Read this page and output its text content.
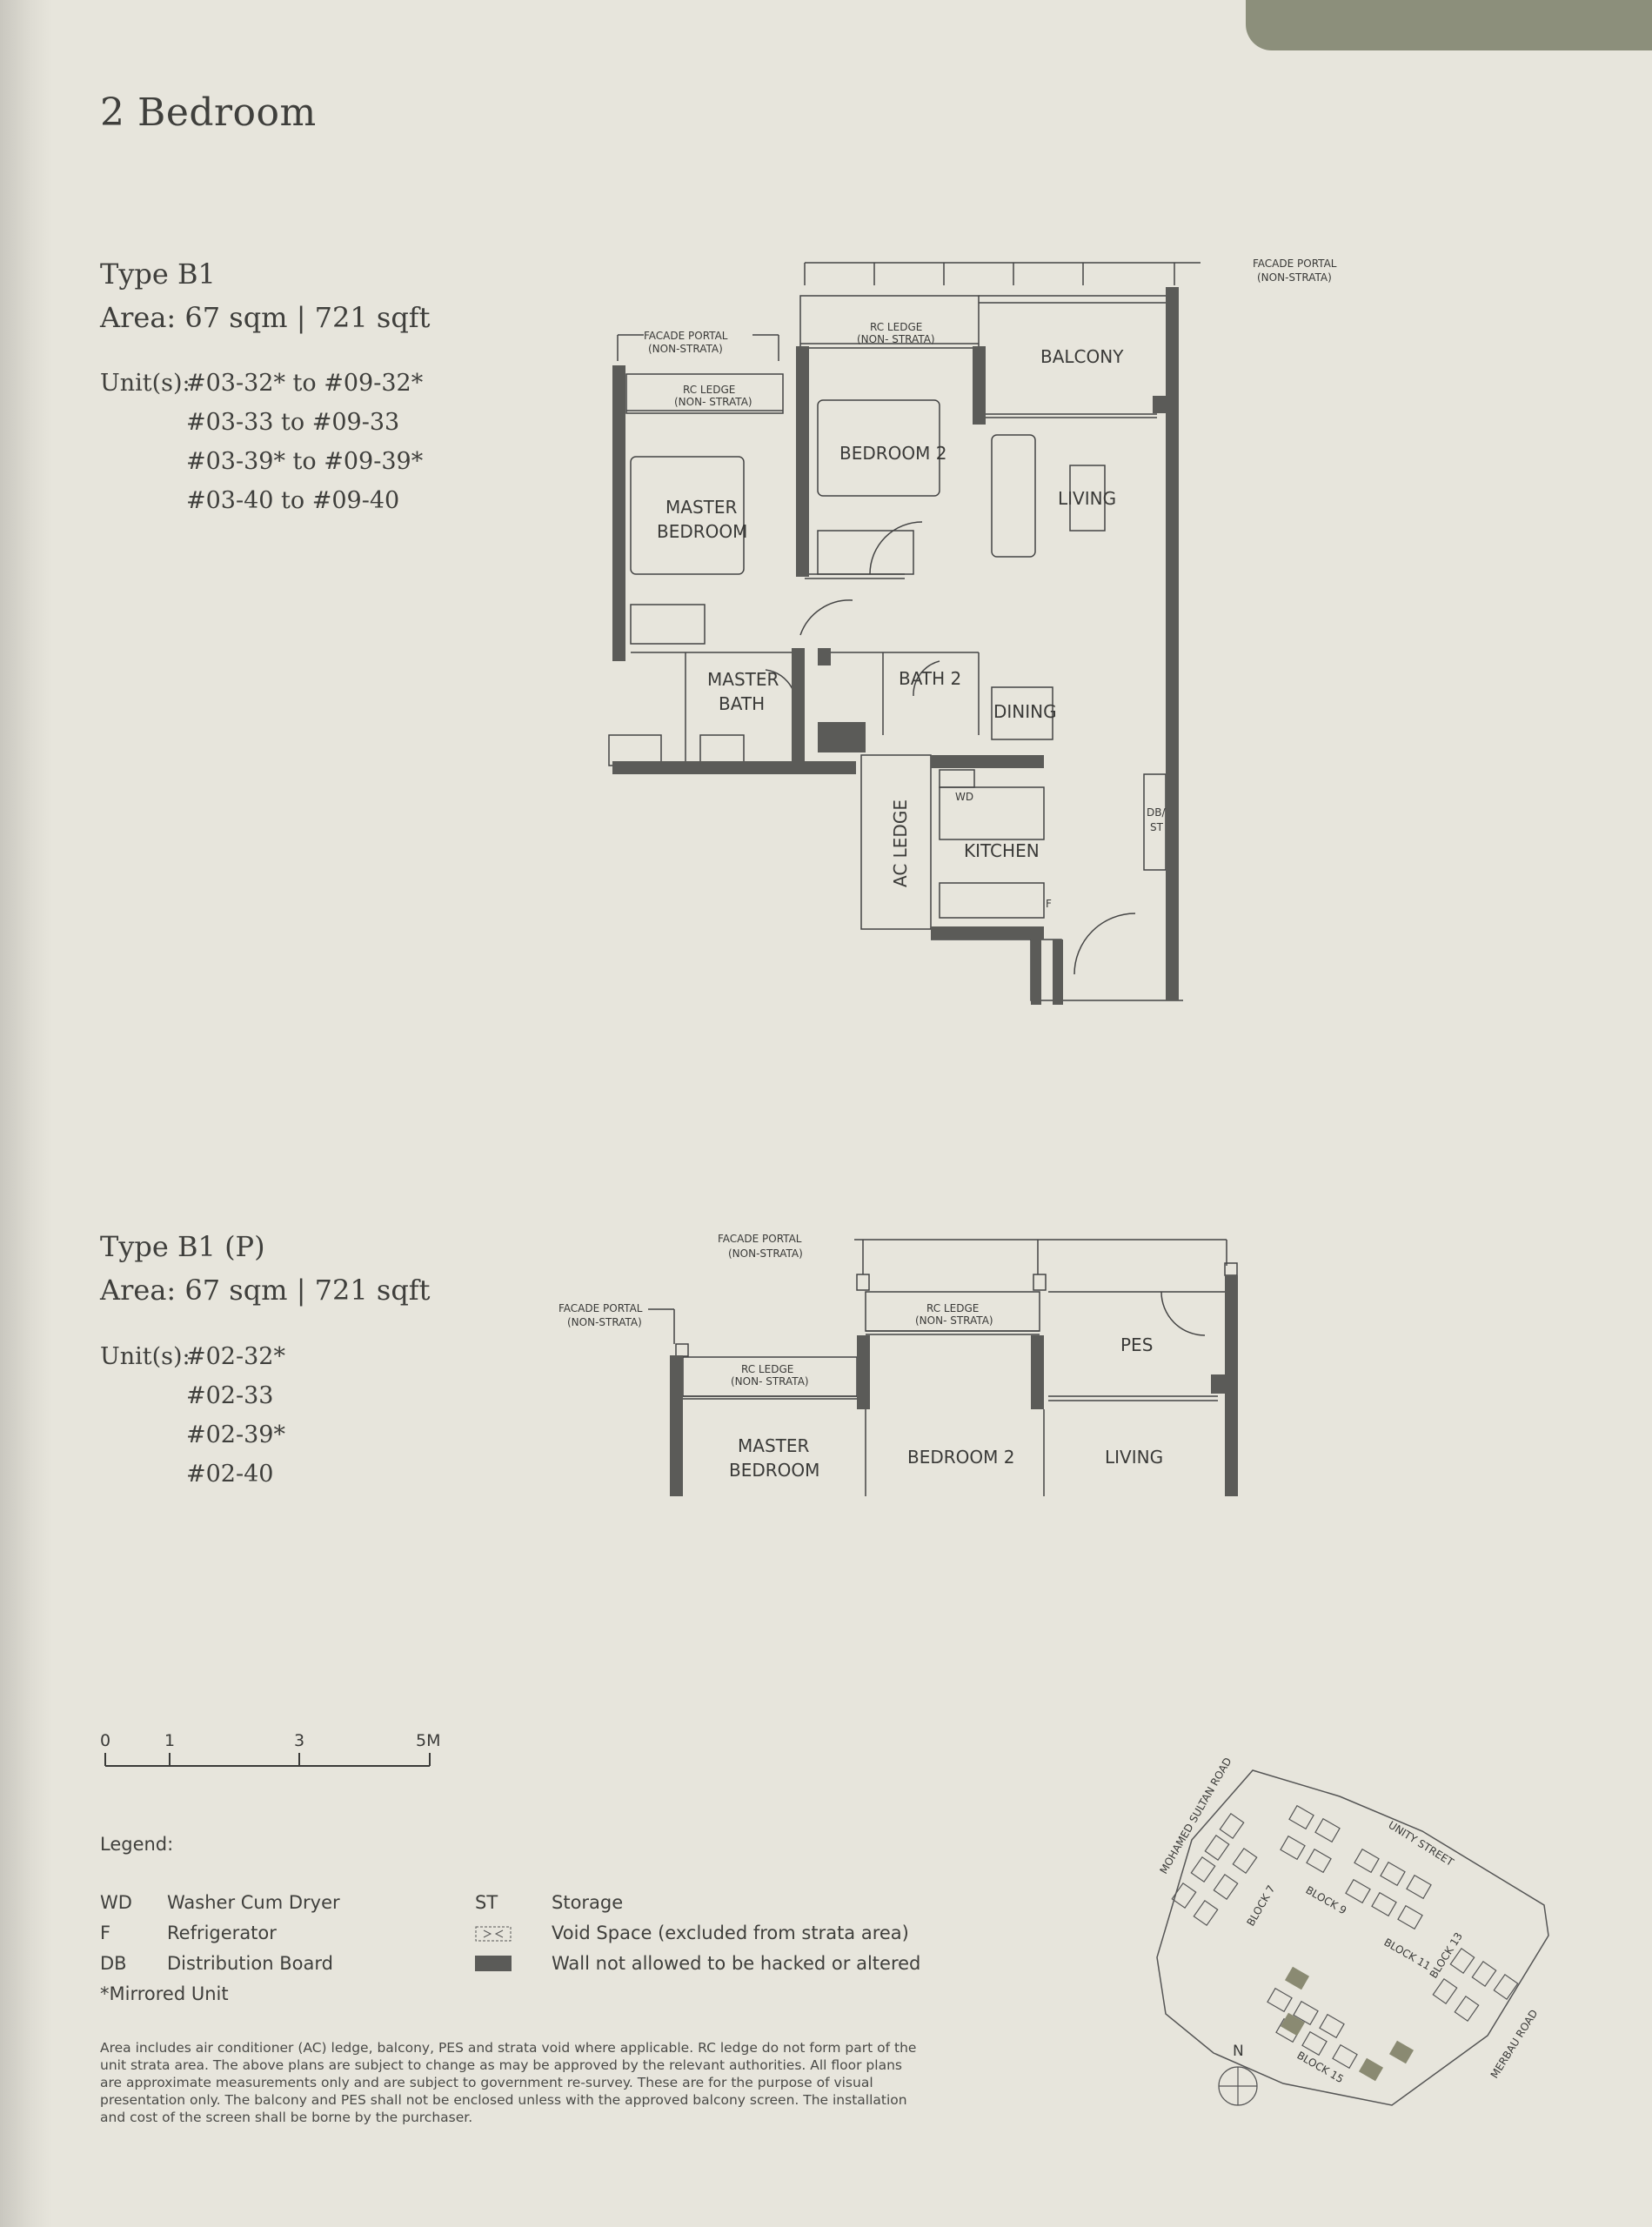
2 Bedroom
Type B1
Area: 67 sqm | 721 sqft
Unit(s):
#03-32* to #09-32*
#03-33 to #09-33
#03-39* to #09-39*
#03-40 to #09-40
FACADE PORTAL
(NON-STRATA)
FACADE PORTAL
(NON-STRATA)
RC LEDGE
(NON- STRATA)
RC LEDGE
(NON- STRATA)
BALCONY
BEDROOM 2
LIVING
MASTER
BEDROOM
MASTER
BATH
BATH 2
DINING
WD
DB/
ST
KITCHEN
AC LEDGE
F
Type B1 (P)
Area: 67 sqm | 721 sqft
Unit(s):
#02-32*
#02-33
#02-39*
#02-40
FACADE PORTAL
(NON-STRATA)
FACADE PORTAL
(NON-STRATA)
RC LEDGE
(NON- STRATA)
RC LEDGE
(NON- STRATA)
PES
MASTER
BEDROOM
BEDROOM 2	LIVING
0	1	3	5M
Legend:
WD Washer Cum Dryer
F	Refrigerator
DB Distribution Board
ST	Storage
Void Space (excluded from strata area)
Wall not allowed to be hacked or altered
*Mirrored Unit
Area includes air conditioner (AC) ledge, balcony, PES and strata void where applicable. RC ledge do not form part of the unit strata area. The above plans are subject to change as may be approved by the relevant authorities. All floor plans are approximate measurements only and are subject to government re-survey. These are for the purpose of visual presentation only. The balcony and PES shall not be enclosed unless with the approved balcony screen. The installation and cost of the screen shall be borne by the purchaser.
MOHAMED SULTAN ROAD	UNITY STREET
MERBAU ROAD
BLOCK 7	BLOCK 9
BLOCK 11
BLOCK 13
BLOCK 15
N
